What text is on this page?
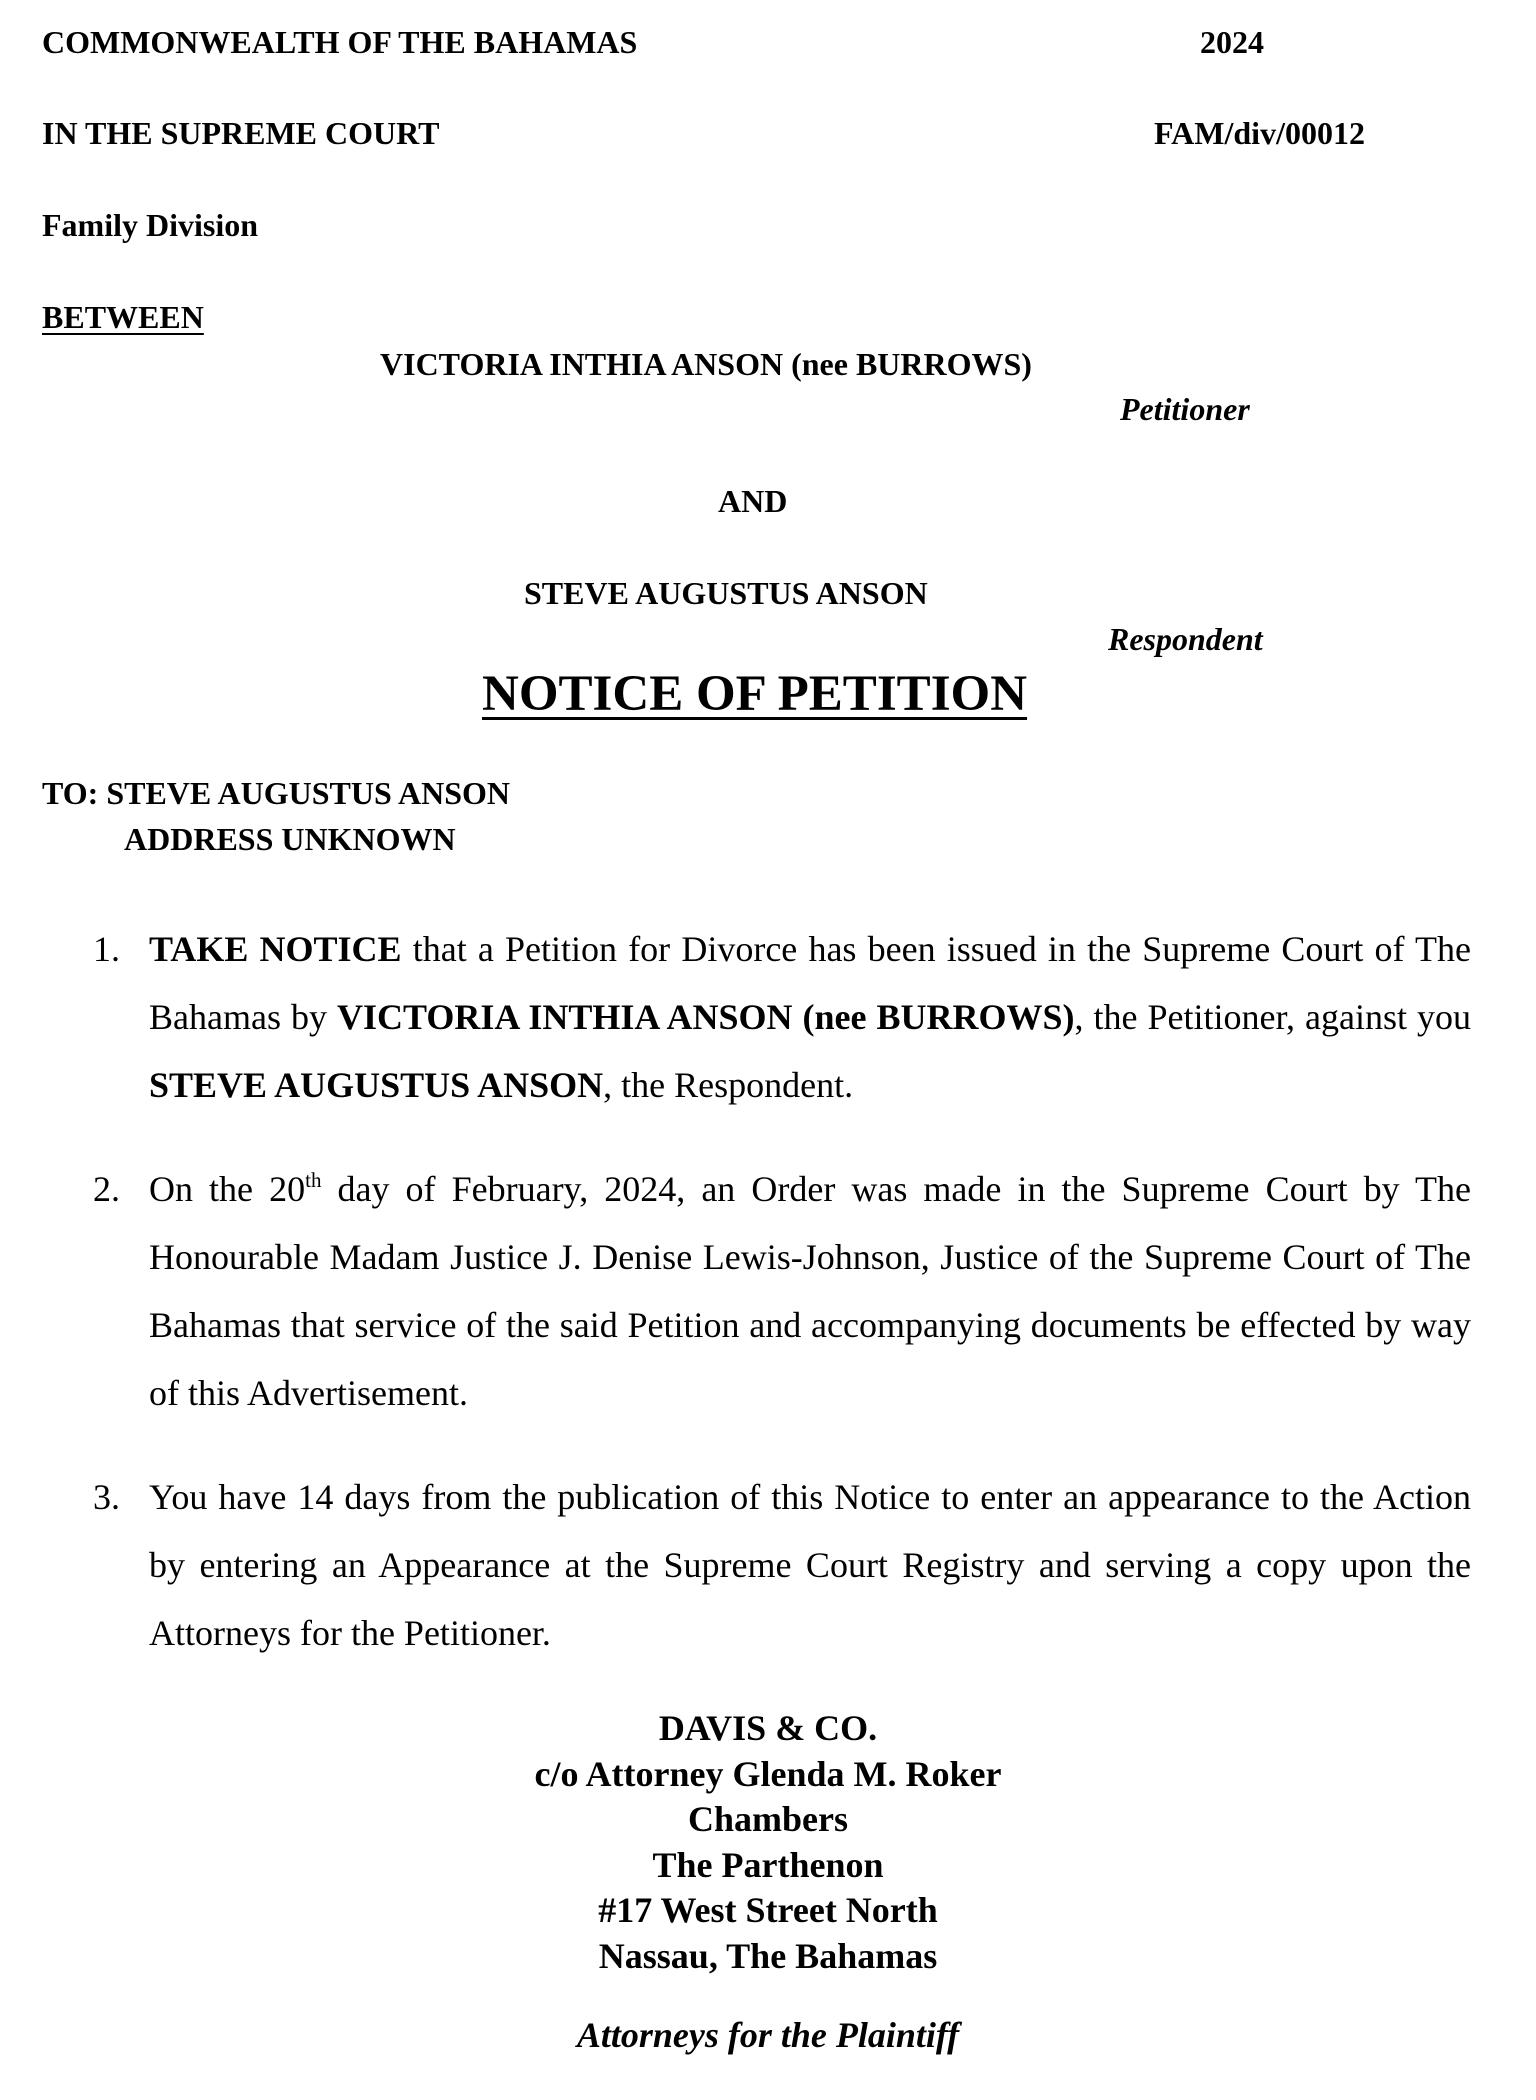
COMMONWEALTH OF THE BAHAMAS	2024
IN THE SUPREME COURT	FAM/div/00012
Family Division
BETWEEN
VICTORIA INTHIA ANSON (nee BURROWS)
Petitioner
AND
STEVE AUGUSTUS ANSON
Respondent
NOTICE OF PETITION
TO: STEVE AUGUSTUS ANSON
ADDRESS UNKNOWN
1. TAKE NOTICE that a Petition for Divorce has been issued in the Supreme Court of The Bahamas by VICTORIA INTHIA ANSON (nee BURROWS), the Petitioner, against you STEVE AUGUSTUS ANSON, the Respondent.
2. On the 20th day of February, 2024, an Order was made in the Supreme Court by The Honourable Madam Justice J. Denise Lewis-Johnson, Justice of the Supreme Court of The Bahamas that service of the said Petition and accompanying documents be effected by way of this Advertisement.
3. You have 14 days from the publication of this Notice to enter an appearance to the Action by entering an Appearance at the Supreme Court Registry and serving a copy upon the Attorneys for the Petitioner.
DAVIS & CO.
c/o Attorney Glenda M. Roker
Chambers
The Parthenon
#17 West Street North
Nassau, The Bahamas
Attorneys for the Plaintiff
